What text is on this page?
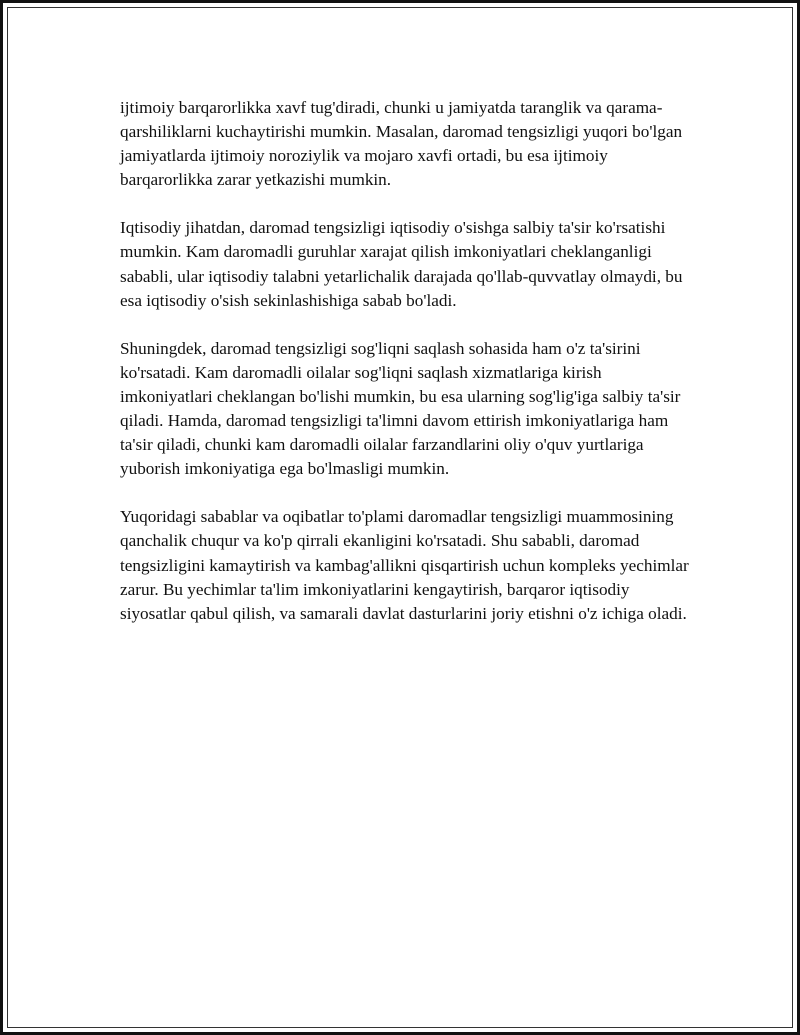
ijtimoiy barqarorlikka xavf tug'diradi, chunki u jamiyatda taranglik va qarama-qarshiliklarni kuchaytirishi mumkin. Masalan, daromad tengsizligi yuqori bo'lgan jamiyatlarda ijtimoiy noroziylik va mojaro xavfi ortadi, bu esa ijtimoiy barqarorlikka zarar yetkazishi mumkin.

Iqtisodiy jihatdan, daromad tengsizligi iqtisodiy o'sishga salbiy ta'sir ko'rsatishi mumkin. Kam daromadli guruhlar xarajat qilish imkoniyatlari cheklanganligi sababli, ular iqtisodiy talabni yetarlichalik darajada qo'llab-quvvatlay olmaydi, bu esa iqtisodiy o'sish sekinlashishiga sabab bo'ladi.

Shuningdek, daromad tengsizligi sog'liqni saqlash sohasida ham o'z ta'sirini ko'rsatadi. Kam daromadli oilalar sog'liqni saqlash xizmatlariga kirish imkoniyatlari cheklangan bo'lishi mumkin, bu esa ularning sog'lig'iga salbiy ta'sir qiladi. Hamda, daromad tengsizligi ta'limni davom ettirish imkoniyatlariga ham ta'sir qiladi, chunki kam daromadli oilalar farzandlarini oliy o'quv yurtlariga yuborish imkoniyatiga ega bo'lmasligi mumkin.

Yuqoridagi sabablar va oqibatlar to'plami daromadlar tengsizligi muammosining qanchalik chuqur va ko'p qirrali ekanligini ko'rsatadi. Shu sababli, daromad tengsizligini kamaytirish va kambag'allikni qisqartirish uchun kompleks yechimlar zarur. Bu yechimlar ta'lim imkoniyatlarini kengaytirish, barqaror iqtisodiy siyosatlar qabul qilish, va samarali davlat dasturlarini joriy etishni o'z ichiga oladi.
